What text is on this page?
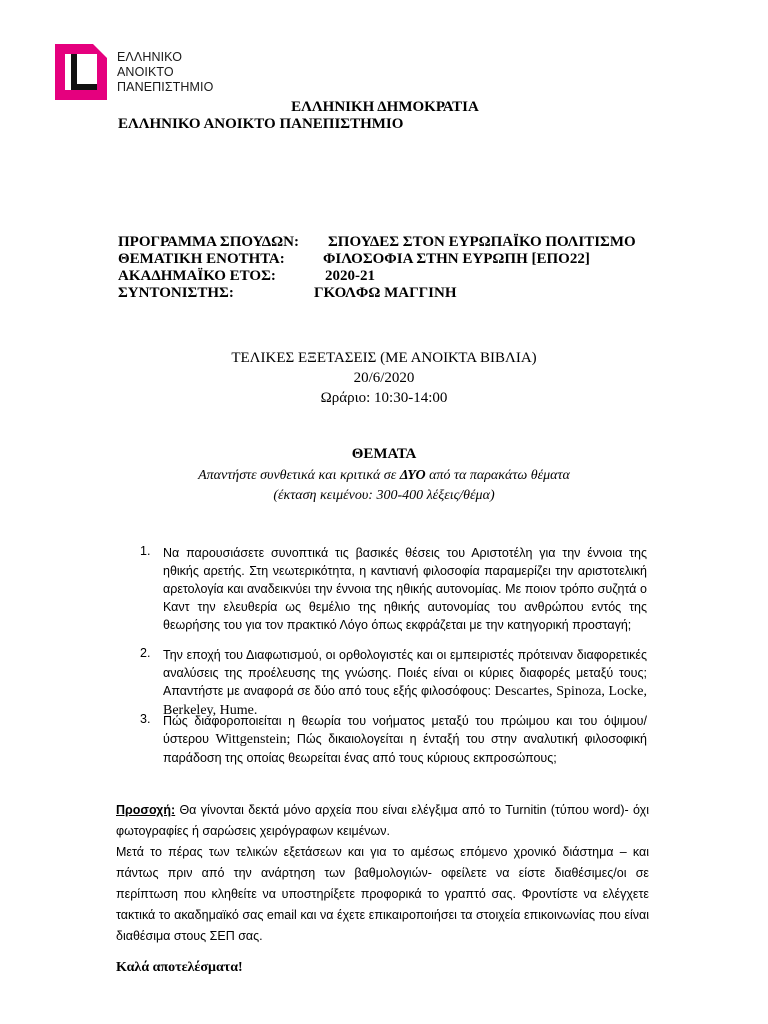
ΕΛΛΗΝΙΚΟ
ΑΝΟΙΚΤΟ
ΠΑΝΕΠΙΣΤΗΜΙΟ
ΕΛΛΗΝΙΚΗ ΔΗΜΟΚΡΑΤΙΑ
ΕΛΛΗΝΙΚΟ ΑΝΟΙΚΤΟ ΠΑΝΕΠΙΣΤΗΜΙΟ
ΠΡΟΓΡΑΜΜΑ ΣΠΟΥΔΩΝ: ΣΠΟΥΔΕΣ ΣΤΟΝ ΕΥΡΩΠΑΪΚΟ ΠΟΛΙΤΙΣΜΟ
ΘΕΜΑΤΙΚΗ ΕΝΟΤΗΤΑ:	ΦΙΛΟΣΟΦΙΑ ΣΤΗΝ ΕΥΡΩΠΗ [ΕΠΟ22]
ΑΚΑΔΗΜΑΪΚΟ ΕΤΟΣ:	2020-21
ΣΥΝΤΟΝΙΣΤΗΣ:	ΓΚΟΛΦΩ ΜΑΓΓΙΝΗ
ΤΕΛΙΚΕΣ ΕΞΕΤΑΣΕΙΣ (ΜΕ ΑΝΟΙΚΤΑ ΒΙΒΛΙΑ)
20/6/2020
Ωράριο: 10:30-14:00
ΘΕΜΑΤΑ
Απαντήστε συνθετικά και κριτικά σε ΔΥΟ από τα παρακάτω θέματα
(έκταση κειμένου: 300-400 λέξεις/θέμα)
1. Να παρουσιάσετε συνοπτικά τις βασικές θέσεις του Αριστοτέλη για την έννοια της ηθικής αρετής. Στη νεωτερικότητα, η καντιανή φιλοσοφία παραμερίζει την αριστοτελική αρετολογία και αναδεικνύει την έννοια της ηθικής αυτονομίας. Με ποιον τρόπο συζητά ο Καντ την ελευθερία ως θεμέλιο της ηθικής αυτονομίας του ανθρώπου εντός της θεωρήσης του για τον πρακτικό Λόγο όπως εκφράζεται με την κατηγορική προσταγή;
2. Την εποχή του Διαφωτισμού, οι ορθολογιστές και οι εμπειριστές πρότειναν διαφορετικές αναλύσεις της προέλευσης της γνώσης. Ποιές είναι οι κύριες διαφορές μεταξύ τους; Απαντήστε με αναφορά σε δύο από τους εξής φιλοσόφους: Descartes, Spinoza, Locke, Berkeley, Hume.
3. Πώς διαφοροποιείται η θεωρία του νοήματος μεταξύ του πρώιμου και του όψιμου/ύστερου Wittgenstein; Πώς δικαιολογείται η ένταξή του στην αναλυτική φιλοσοφική παράδοση της οποίας θεωρείται ένας από τους κύριους εκπροσώπους;
Προσοχή: Θα γίνονται δεκτά μόνο αρχεία που είναι ελέγξιμα από το Turnitin (τύπου word)- όχι φωτογραφίες ή σαρώσεις χειρόγραφων κειμένων.
Μετά το πέρας των τελικών εξετάσεων και για το αμέσως επόμενο χρονικό διάστημα – και πάντως πριν από την ανάρτηση των βαθμολογιών- οφείλετε να είστε διαθέσιμες/οι σε περίπτωση που κληθείτε να υποστηρίξετε προφορικά το γραπτό σας. Φροντίστε να ελέγχετε τακτικά το ακαδημαϊκό σας email και να έχετε επικαιροποιήσει τα στοιχεία επικοινωνίας που είναι διαθέσιμα στους ΣΕΠ σας.
Καλά αποτελέσματα!
